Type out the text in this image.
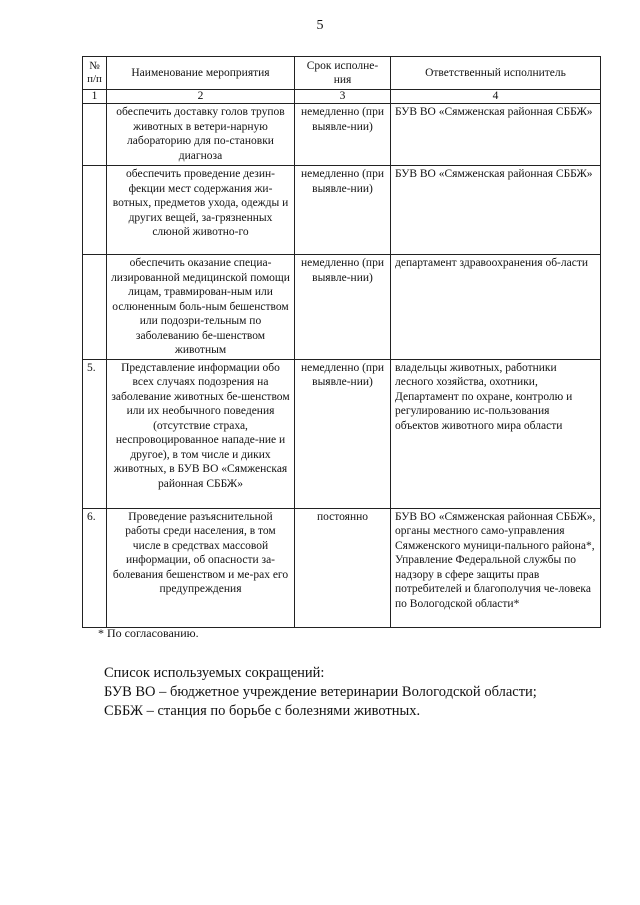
5
№ п/п	Наименование мероприятия	Срок исполне-ния	Ответственный исполнитель
1	2	3	4
	обеспечить доставку голов трупов животных в ветери-нарную лабораторию для по-становки диагноза	немедленно (при выявле-нии)	БУВ ВО «Сямженская районная СББЖ»
	обеспечить проведение дезин-фекции мест содержания жи-вотных, предметов ухода, одежды и других вещей, за-грязненных слюной животно-го	немедленно (при выявле-нии)	БУВ ВО «Сямженская районная СББЖ»
	обеспечить оказание специа-лизированной медицинской помощи лицам, травмирован-ным или ослюненным боль-ным бешенством или подозри-тельным по заболеванию бе-шенством животным	немедленно (при выявле-нии)	департамент здравоохранения об-ласти
5.	Представление информации обо всех случаях подозрения на заболевание животных бе-шенством или их необычного поведения (отсутствие страха, неспровоцированное нападе-ние и другое), в том числе и диких животных, в БУВ ВО «Сямженская районная СББЖ»	немедленно (при выявле-нии)	владельцы животных, работники лесного хозяйства, охотники, Департамент по охране, контролю и регулированию ис-пользования объектов животного мира области
6.	Проведение разъяснительной работы среди населения, в том числе в средствах массовой информации, об опасности за-болевания бешенством и ме-рах его предупреждения	постоянно	БУВ ВО «Сямженская районная СББЖ», органы местного само-управления Сямженского муници-пального района*, Управление Федеральной службы по надзору в сфере защиты прав потребителей и благополучия че-ловека по Вологодской области*
* По согласованию.
Список используемых сокращений:
БУВ ВО – бюджетное учреждение ветеринарии Вологодской области;
СББЖ – станция по борьбе с болезнями животных.
